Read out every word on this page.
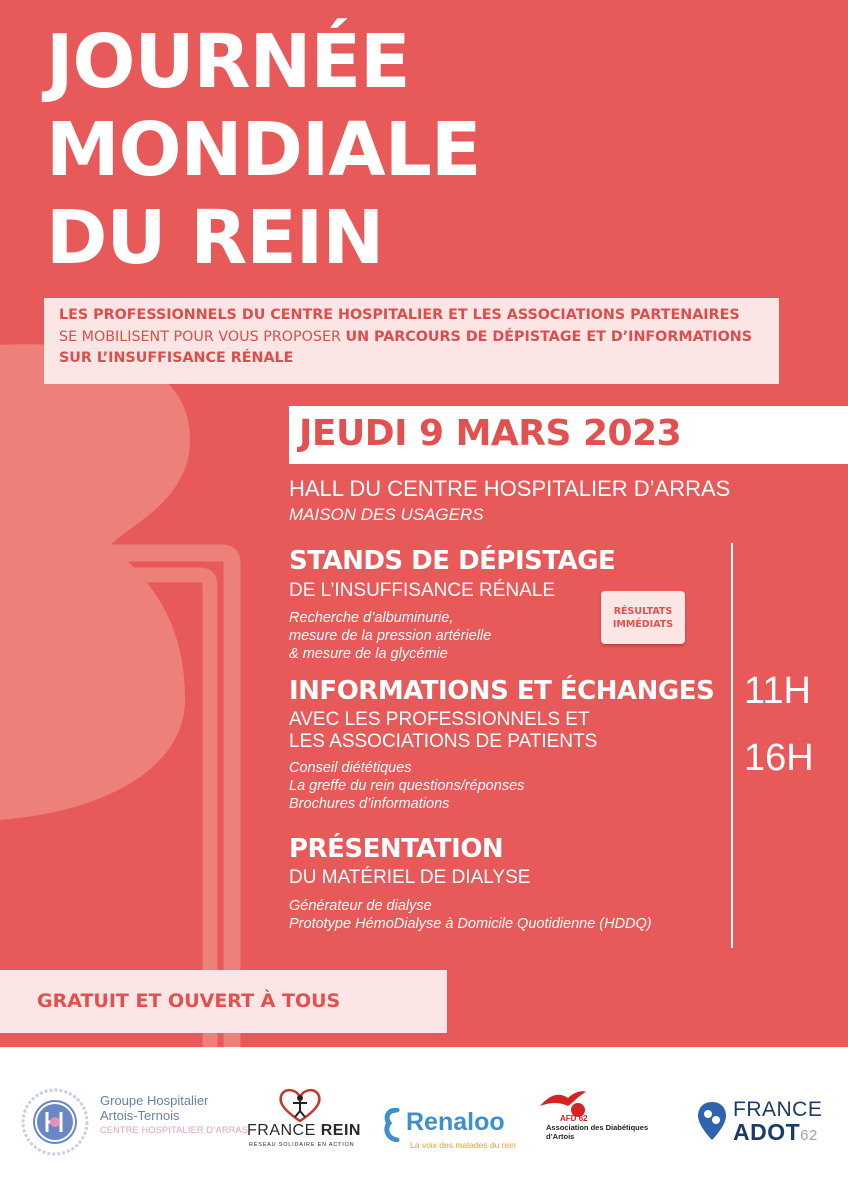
JOURNÉE
MONDIALE
DU REIN
LES PROFESSIONNELS DU CENTRE HOSPITALIER ET LES ASSOCIATIONS PARTENAIRES
SE MOBILISENT POUR VOUS PROPOSER UN PARCOURS DE DÉPISTAGE ET D’INFORMATIONS
SUR L’INSUFFISANCE RÉNALE
JEUDI 9 MARS 2023
HALL DU CENTRE HOSPITALIER D’ARRAS
MAISON DES USAGERS
STANDS DE DÉPISTAGE
DE L’INSUFFISANCE RÉNALE
Recherche d’albuminurie,
mesure de la pression artérielle
& mesure de la glycémie
RÉSULTATS
IMMÉDIATS
INFORMATIONS ET ÉCHANGES
AVEC LES PROFESSIONNELS ET
LES ASSOCIATIONS DE PATIENTS
Conseil diététiques
La greffe du rein questions/réponses
Brochures d’informations
PRÉSENTATION
DU MATÉRIEL DE DIALYSE
Générateur de dialyse
Prototype HémoDialyse à Domicile Quotidienne (HDDQ)
11H
16H
GRATUIT ET OUVERT À TOUS
Groupe Hospitalier
Artois-Ternois
CENTRE HOSPITALIER D’ARRAS
FRANCE REIN
RÉSEAU SOLIDAIRE EN ACTION
Renaloo
La voix des malades du rein
AFD 62
Association des Diabétiques
d’Artois
FRANCE
ADOT62
